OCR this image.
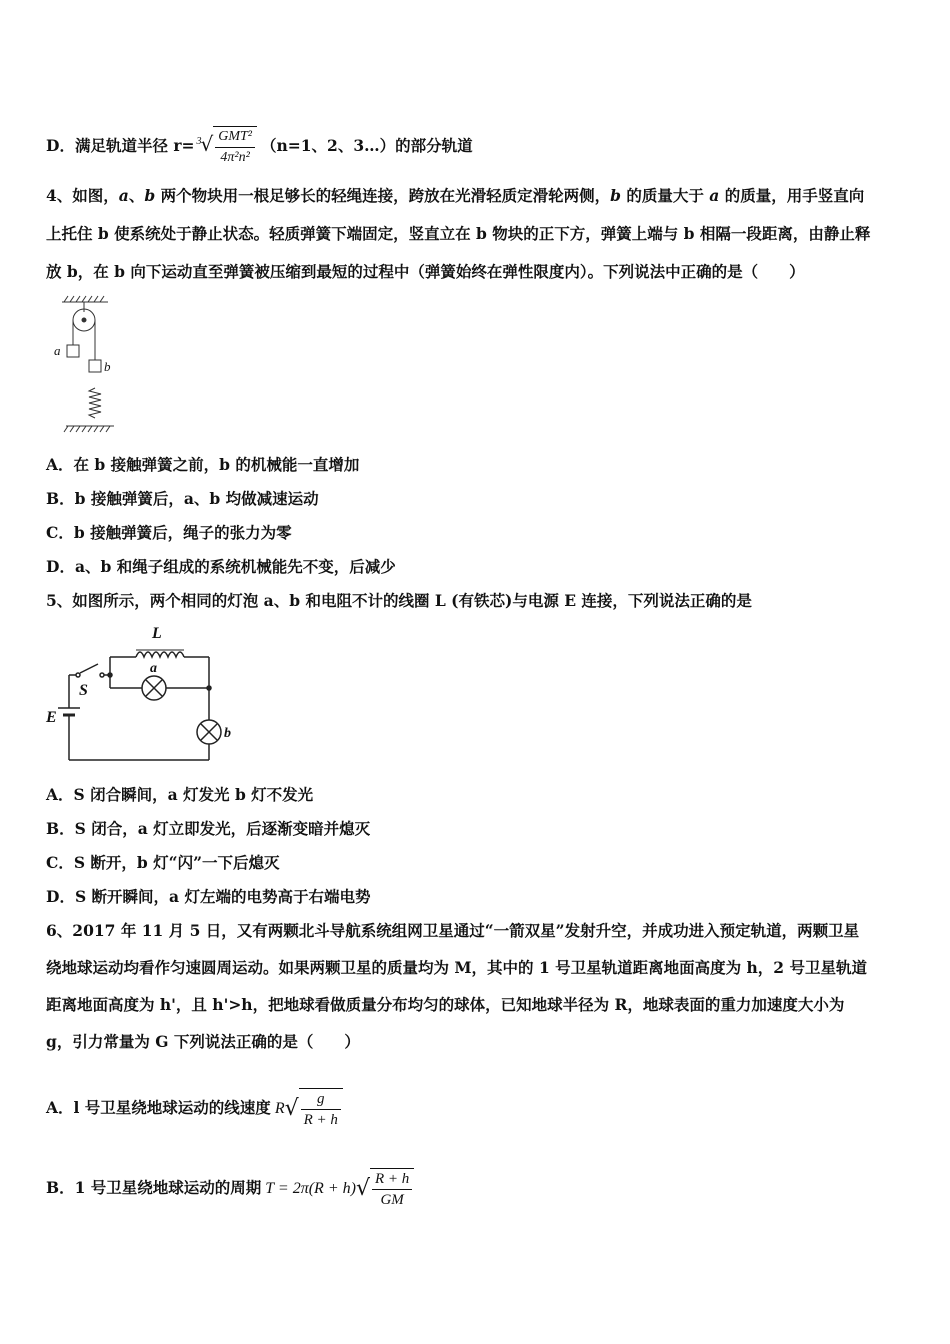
D．满足轨道半径 r= 3 √ $\frac{\text{GMT²}}{\text{4π²n²}} (n=1$、2、3…）的部分轨道
4、如图，a、b 两个物块用一根足够长的轻绳连接，跨放在光滑轻质定滑轮两侧，b 的质量大于 a 的质量，用手竖直向
上托住 b 使系统处于静止状态。轻质弹簧下端固定，竖直立在 b 物块的正下方，弹簧上端与 b 相隔一段距离，由静止释
放 b，在 b 向下运动直至弹簧被压缩到最短的过程中（弹簧始终在弹性限度内）。下列说法中正确的是（　　）
a
b
A．在 b 接触弹簧之前，b 的机械能一直增加
B．b 接触弹簧后，a、b 均做减速运动
C．b 接触弹簧后，绳子的张力为零
D．a、b 和绳子组成的系统机械能先不变，后减少
5、如图所示，两个相同的灯泡 a、b 和电阻不计的线圈 L (有铁芯)与电源 E 连接，下列说法正确的是
L
a
b
S
E
A．S 闭合瞬间，a 灯发光 b 灯不发光
B．S 闭合，a 灯立即发光，后逐渐变暗并熄灭
C．S 断开，b 灯“闪”一下后熄灭
D．S 断开瞬间，a 灯左端的电势高于右端电势
6、2017 年 11 月 5 日，又有两颗北斗导航系统组网卫星通过“一箭双星”发射升空，并成功进入预定轨道，两颗卫星
绕地球运动均看作匀速圆周运动。如果两颗卫星的质量均为 M，其中的 1 号卫星轨道距离地面高度为 h，2 号卫星轨道
距离地面高度为 h'，且 h'>h，把地球看做质量分布均匀的球体，已知地球半径为 R，地球表面的重力加速度大小为
g，引力常量为 G 下列说法正确的是（　　）
A．l 号卫星绕地球运动的线速度 $R√ \frac{g}{R + h}$
B．1 号卫星绕地球运动的周期 $T = 2\pi(R + h)√ \frac{R + h}{GM}$
